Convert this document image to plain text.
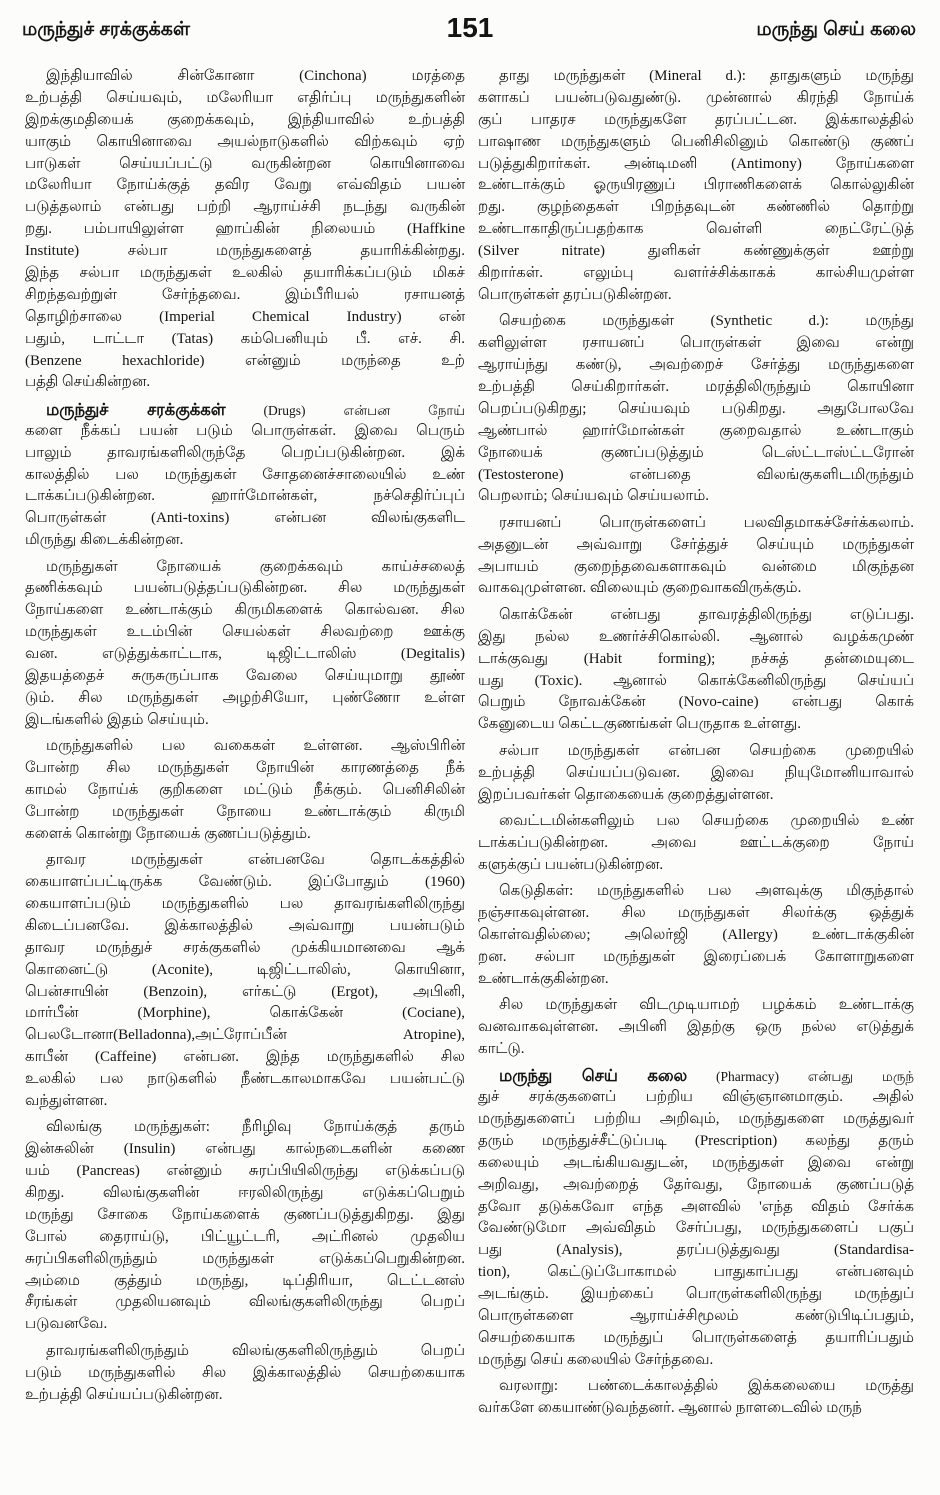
மருந்துச் சரக்குக்கள்	151	மருந்து செய் கலை
இந்தியாவில் சின்கோனா (Cinchona) மரத்தை
உற்பத்தி செய்யவும், மலேரியா எதிர்ப்பு மருந்துகளின்
இறக்குமதியைக் குறைக்கவும், இந்தியாவில் உற்பத்தி
யாகும் கொயினாவை அயல்நாடுகளில் விற்கவும் ஏற்
பாடுகள் செய்யப்பட்டு வருகின்றன கொயினாவை
மலேரியா நோய்க்குத் தவிர வேறு எவ்விதம் பயன்
படுத்தலாம் என்பது பற்றி ஆராய்ச்சி நடந்து வருகின்
றது. பம்பாயிலுள்ள ஹாப்கின் நிலையம் (Haffkine
Institute) சல்பா மருந்துகளைத் தயாரிக்கின்றது.
இந்த சல்பா மருந்துகள் உலகில் தயாரிக்கப்படும் மிகச்
சிறந்தவற்றுள் சேர்ந்தவை. இம்பீரியல் ரசாயனத்
தொழிற்சாலை (Imperial Chemical Industry) என்
பதும், டாட்டா (Tatas) கம்பெனியும் பீ. எச். சி.
(Benzene hexachloride) என்னும் மருந்தை உற்
பத்தி செய்கின்றன.
மருந்துச் சரக்குக்கள்	(Drugs) என்பன நோய்
களை நீக்கப் பயன் படும் பொருள்கள். இவை பெரும்
பாலும் தாவரங்களிலிருந்தே பெறப்படுகின்றன. இக்
காலத்தில் பல மருந்துகள் சோதனைச்சாலையில் உண்
டாக்கப்படுகின்றன. ஹார்மோன்கள், நச்செதிர்ப்புப்
பொருள்கள் (Anti-toxins) என்பன விலங்குகளிட
மிருந்து கிடைக்கின்றன.
மருந்துகள் நோயைக் குறைக்கவும் காய்ச்சலைத்
தணிக்கவும் பயன்படுத்தப்படுகின்றன. சில மருந்துகள்
நோய்களை உண்டாக்கும் கிருமிகளைக் கொல்வன. சில
மருந்துகள் உடம்பின் செயல்கள் சிலவற்றை ஊக்கு
வன. எடுத்துக்காட்டாக, டிஜிட்டாலிஸ் (Degitalis)
இதயத்தைச் சுருசுருப்பாக வேலை செய்யுமாறு தூண்
டும். சில மருந்துகள் அழற்சியோ, புண்ணோ உள்ள
இடங்களில் இதம் செய்யும்.
மருந்துகளில் பல வகைகள் உள்ளன. ஆஸ்பிரின்
போன்ற சில மருந்துகள் நோயின் காரணத்தை நீக்
காமல் நோய்க் குறிகளை மட்டும் நீக்கும். பெனிசிலின்
போன்ற மருந்துகள் நோயை உண்டாக்கும் கிருமி
களைக் கொன்று நோயைக் குணப்படுத்தும்.
தாவர மருந்துகள் என்பனவே தொடக்கத்தில்
கையாளப்பட்டிருக்க வேண்டும். இப்போதும் (1960)
கையாளப்படும் மருந்துகளில் பல தாவரங்களிலிருந்து
கிடைப்பனவே. இக்காலத்தில் அவ்வாறு பயன்படும்
தாவர மருந்துச் சரக்குகளில் முக்கியமானவை ஆக்
கொனைட்டு (Aconite), டிஜிட்டாலிஸ், கொயினா,
பென்சாயின் (Benzoin), எர்கட்டு (Ergot), அபினி,
மார்பீன் (Morphine), கொக்கேன் (Cociane),
பெலடோனா(Belladonna),அட்ரோப்பீன் Atropine),
காபீன் (Caffeine) என்பன. இந்த மருந்துகளில் சில
உலகில் பல நாடுகளில் நீண்டகாலமாகவே பயன்பட்டு
வந்துள்ளன.
விலங்கு மருந்துகள்: நீரிழிவு நோய்க்குத் தரும்
இன்சுலின் (Insulin) என்பது கால்நடைகளின் கணை
யம் (Pancreas) என்னும் சுரப்பியிலிருந்து எடுக்கப்படு
கிறது. விலங்குகளின் ஈரலிலிருந்து எடுக்கப்பெறும்
மருந்து சோகை நோய்களைக் குணப்படுத்துகிறது. இது
போல் தைராய்டு, பிட்யூட்டரி, அட்ரினல் முதலிய
சுரப்பிகளிலிருந்தும் மருந்துகள் எடுக்கப்பெறுகின்றன.
அம்மை குத்தும் மருந்து, டிப்திரியா, டெட்டனஸ்
சீரங்கள் முதலியனவும் விலங்குகளிலிருந்து பெறப்
படுவனவே.
தாவரங்களிலிருந்தும் விலங்குகளிலிருந்தும் பெறப்
படும் மருந்துகளில் சில இக்காலத்தில் செயற்கையாக
உற்பத்தி செய்யப்படுகின்றன.
தாது மருந்துகள் (Mineral d.): தாதுகளும் மருந்து
களாகப் பயன்படுவதுண்டு. முன்னால் கிரந்தி நோய்க்
குப் பாதரச மருந்துகளே தரப்பட்டன. இக்காலத்தில்
பாஷாண மருந்துகளும் பெனிசிலினும் கொண்டு குணப்
படுத்துகிறார்கள். அன்டிமனி (Antimony) நோய்களை
உண்டாக்கும் ஓருயிரணுப் பிராணிகளைக் கொல்லுகின்
றது. குழந்தைகள் பிறந்தவுடன் கண்ணில் தொற்று
உண்டாகாதிருப்பதற்காக வெள்ளி நைட்ரேட்டுத்
(Silver nitrate) துளிகள் கண்ணுக்குள் ஊற்று
கிறார்கள். எலும்பு வளர்ச்சிக்காகக் கால்சியமுள்ள
பொருள்கள் தரப்படுகின்றன.
செயற்கை மருந்துகள் (Synthetic d.): மருந்து
களிலுள்ள ரசாயனப் பொருள்கள் இவை என்று
ஆராய்ந்து கண்டு, அவற்றைச் சேர்த்து மருந்துகளை
உற்பத்தி செய்கிறார்கள். மரத்திலிருந்தும் கொயினா
பெறப்படுகிறது; செய்யவும் படுகிறது. அதுபோலவே
ஆண்பால் ஹார்மோன்கள் குறைவதால் உண்டாகும்
நோயைக் குணப்படுத்தும் டெஸ்ட்டாஸ்ட்டரோன்
(Testosterone) என்பதை விலங்குகளிடமிருந்தும்
பெறலாம்; செய்யவும் செய்யலாம்.
ரசாயனப் பொருள்களைப் பலவிதமாகச்சேர்க்கலாம்.
அதனுடன் அவ்வாறு சேர்த்துச் செய்யும் மருந்துகள்
அபாயம் குறைந்தவைகளாகவும் வன்மை மிகுந்தன
வாகவுமுள்ளன. விலையும் குறைவாகவிருக்கும்.
கொக்கேன் என்பது தாவரத்திலிருந்து எடுப்பது.
இது நல்ல உணர்ச்சிகொல்லி. ஆனால் வழக்கமுண்
டாக்குவது (Habit forming); நச்சுத் தன்மையுடை
யது (Toxic). ஆனால் கொக்கேனிலிருந்து செய்யப்
பெறும் நோவக்கேன் (Novo-caine) என்பது கொக்
கேனுடைய கெட்டகுணங்கள் பெருதாக உள்ளது.
சல்பா மருந்துகள் என்பன செயற்கை முறையில்
உற்பத்தி செய்யப்படுவன. இவை நியுமோனியாவால்
இறப்பவர்கள் தொகையைக் குறைத்துள்ளன.
வைட்டமின்களிலும் பல செயற்கை முறையில் உண்
டாக்கப்படுகின்றன. அவை ஊட்டக்குறை நோய்
களுக்குப் பயன்படுகின்றன.
கெடுதிகள்: மருந்துகளில் பல அளவுக்கு மிகுந்தால்
நஞ்சாகவுள்ளன. சில மருந்துகள் சிலர்க்கு ஒத்துக்
கொள்வதில்லை; அலெர்ஜி (Allergy) உண்டாக்குகின்
றன. சல்பா மருந்துகள் இரைப்பைக் கோளாறுகளை
உண்டாக்குகின்றன.
சில மருந்துகள் விடமுடியாமற் பழக்கம் உண்டாக்கு
வனவாகவுள்ளன. அபினி இதற்கு ஒரு நல்ல எடுத்துக்
காட்டு.
மருந்து செய் கலை (Pharmacy) என்பது மருந்
துச் சரக்குகளைப் பற்றிய விஞ்ஞானமாகும். அதில்
மருந்துகளைப் பற்றிய அறிவும், மருந்துகளை மருத்துவர்
தரும் மருந்துச்சீட்டுப்படி (Prescription) கலந்து தரும்
கலையும் அடங்கியவதுடன், மருந்துகள் இவை என்று
அறிவது, அவற்றைத் தேர்வது, நோயைக் குணப்படுத்
தவோ தடுக்கவோ எந்த அளவில் 'எந்த விதம் சேர்க்க
வேண்டுமோ அவ்விதம் சேர்ப்பது, மருந்துகளைப் பகுப்
பது (Analysis), தரப்படுத்துவது (Standardisa-
tion), கெட்டுப்போகாமல் பாதுகாப்பது என்பனவும்
அடங்கும். இயற்கைப் பொருள்களிலிருந்து மருந்துப்
பொருள்களை ஆராய்ச்சிமூலம் கண்டுபிடிப்பதும்,
செயற்கையாக மருந்துப் பொருள்களைத் தயாரிப்பதும்
மருந்து செய் கலையில் சேர்ந்தவை.
வரலாறு: பண்டைக்காலத்தில் இக்கலையை மருத்து
வர்களே கையாண்டுவந்தனர். ஆனால் நாளடைவில் மருந்
